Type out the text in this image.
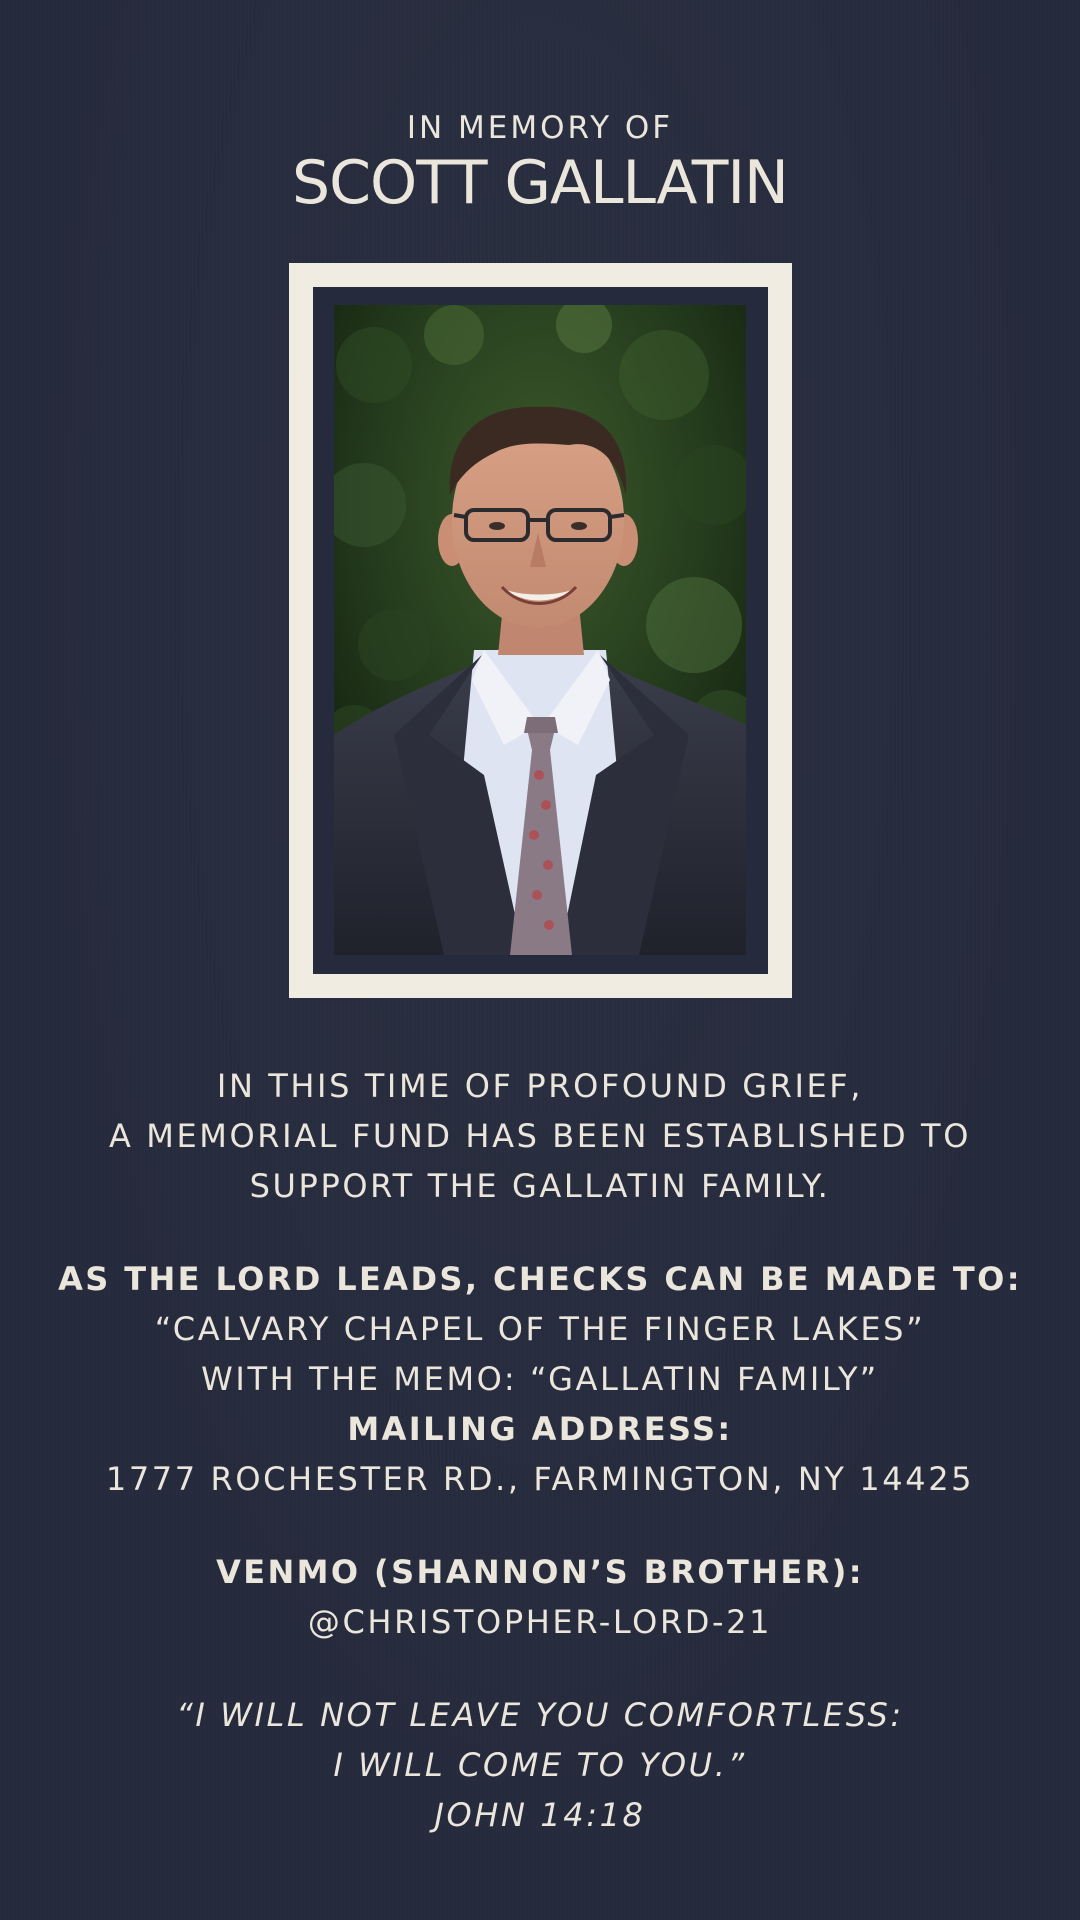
IN MEMORY OF
SCOTT GALLATIN
IN THIS TIME OF PROFOUND GRIEF,
A MEMORIAL FUND HAS BEEN ESTABLISHED TO
SUPPORT THE GALLATIN FAMILY.
AS THE LORD LEADS, CHECKS CAN BE MADE TO:
“CALVARY CHAPEL OF THE FINGER LAKES”
WITH THE MEMO: “GALLATIN FAMILY”
MAILING ADDRESS:
1777 ROCHESTER RD., FARMINGTON, NY 14425
VENMO (SHANNON’S BROTHER):
@CHRISTOPHER-LORD-21
“I WILL NOT LEAVE YOU COMFORTLESS:
I WILL COME TO YOU.”
JOHN 14:18
